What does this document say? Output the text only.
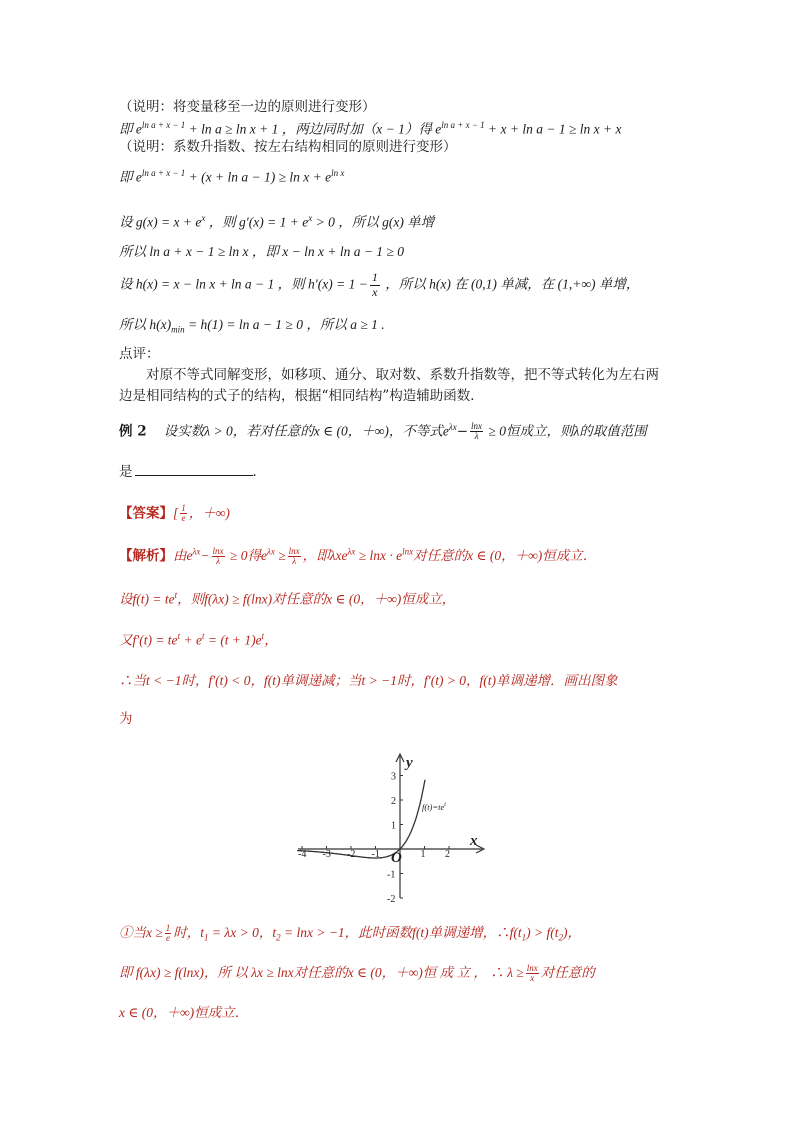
（说明：将变量移至一边的原则进行变形）
即 $e^{ln a + x - 1} + \ln a \ge \ln x + 1$ ，两边同时加（x − 1）得 $e^{ln a + x - 1} + x + \ln a - 1 \ge \ln x + x$
（说明：系数升指数、按左右结构相同的原则进行变形）
即 $e^{ln a + x - 1} + (x + \ln a - 1) \ge \ln x + e^{ln x}$
设 $g(x) = x + e^x$ ，则 $g'(x) = 1 + e^x > 0$ ，所以 g(x) 单增
所以 ln a + x − 1 ≥ ln x ，即 x − ln x + ln a − 1 ≥ 0
设 h(x) = x − ln x + ln a − 1 ，则 $h'(x) = 1 - \frac{1}{x}$ ，所以 h(x) 在 (0,1) 单减，在 (1,+∞) 单增，
所以 $h(x)_{min} = h(1) = \ln a - 1 \ge 0$ ，所以 a ≥ 1 .
点评：
对原不等式同解变形，如移项、通分、取对数、系数升指数等，把不等式转化为左右两
边是相同结构的式子的结构，根据“相同结构”构造辅助函数．
例 2 设实数λ > 0，若对任意的x ∈ (0，＋∞)，不等式$e^{\lambda x}- \frac{\ln x}{\lambda} \ge 0$恒成立，则λ的取值范围
是	．
【答案】[ $\frac{1}{e}$ ，＋∞)
【解析】由$e^{\lambda x}- \frac{\ln x}{\lambda} \ge 0$得$e^{\lambda x} \ge \frac{\ln x}{\lambda}$ ，即$\lambda xe^{\lambda x} \ge \ln x \cdot e^{lnx}$对任意的x ∈ (0，＋∞)恒成立．
设$f(t) = te^t$，则f(λx) ≥ f(lnx)对任意的x ∈ (0，＋∞)恒成立，
又$f'(t) = te^t + e^t = (t + 1)e^t$，
∴当t < −1时，f′(t) < 0，f(t)单调递减；当t > −1时，f′(t) > 0，f(t)单调递增．画出图象
为
-4 -3 -2 -1	1 2
3
2
1
-1
-2
y
x
O
$f(t)=te^t$
①当$x \ge \frac{1}{e}$ 时，$t_1 = \lambda x > 0$，$t_2 = \ln x > -1$，此时函数f(t)单调递增，$\therefore f(t_1) > f(t_2)$，
即 f(λx) ≥ f(lnx)，所 以 λx ≥ lnx对任意的x ∈ (0，＋∞)恒 成 立 ， ∴ $\lambda \ge \frac{\ln x}{x}$ 对任意的
x ∈ (0，＋∞)恒成立．
